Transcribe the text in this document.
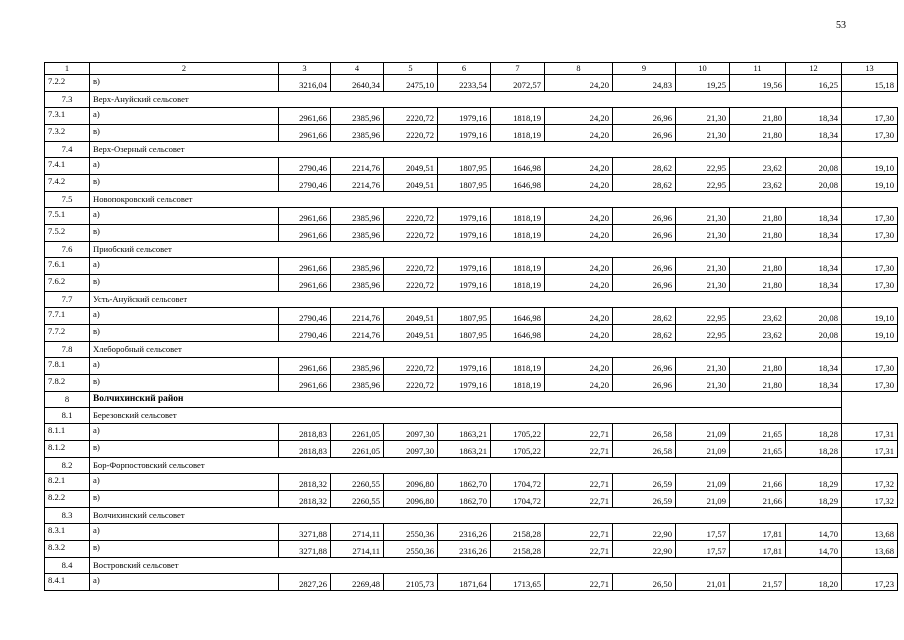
53
1	2	3	4	5	6	7	8	9	10	11	12	13
7.2.2	в)	3216,04	2640,34	2475,10	2233,54	2072,57	24,20	24,83	19,25	19,56	16,25	15,18
7.3	Верх-Ануйский сельсовет											
7.3.1	а)	2961,66	2385,96	2220,72	1979,16	1818,19	24,20	26,96	21,30	21,80	18,34	17,30
7.3.2	в)	2961,66	2385,96	2220,72	1979,16	1818,19	24,20	26,96	21,30	21,80	18,34	17,30
7.4	Верх-Озерный сельсовет											
7.4.1	а)	2790,46	2214,76	2049,51	1807,95	1646,98	24,20	28,62	22,95	23,62	20,08	19,10
7.4.2	в)	2790,46	2214,76	2049,51	1807,95	1646,98	24,20	28,62	22,95	23,62	20,08	19,10
7.5	Новопокровский сельсовет											
7.5.1	а)	2961,66	2385,96	2220,72	1979,16	1818,19	24,20	26,96	21,30	21,80	18,34	17,30
7.5.2	в)	2961,66	2385,96	2220,72	1979,16	1818,19	24,20	26,96	21,30	21,80	18,34	17,30
7.6	Приобский сельсовет											
7.6.1	а)	2961,66	2385,96	2220,72	1979,16	1818,19	24,20	26,96	21,30	21,80	18,34	17,30
7.6.2	в)	2961,66	2385,96	2220,72	1979,16	1818,19	24,20	26,96	21,30	21,80	18,34	17,30
7.7	Усть-Ануйский сельсовет											
7.7.1	а)	2790,46	2214,76	2049,51	1807,95	1646,98	24,20	28,62	22,95	23,62	20,08	19,10
7.7.2	в)	2790,46	2214,76	2049,51	1807,95	1646,98	24,20	28,62	22,95	23,62	20,08	19,10
7.8	Хлеборобный сельсовет											
7.8.1	а)	2961,66	2385,96	2220,72	1979,16	1818,19	24,20	26,96	21,30	21,80	18,34	17,30
7.8.2	в)	2961,66	2385,96	2220,72	1979,16	1818,19	24,20	26,96	21,30	21,80	18,34	17,30
8	Волчихинский район											
8.1	Березовский сельсовет											
8.1.1	а)	2818,83	2261,05	2097,30	1863,21	1705,22	22,71	26,58	21,09	21,65	18,28	17,31
8.1.2	в)	2818,83	2261,05	2097,30	1863,21	1705,22	22,71	26,58	21,09	21,65	18,28	17,31
8.2	Бор-Форпостовский сельсовет											
8.2.1	а)	2818,32	2260,55	2096,80	1862,70	1704,72	22,71	26,59	21,09	21,66	18,29	17,32
8.2.2	в)	2818,32	2260,55	2096,80	1862,70	1704,72	22,71	26,59	21,09	21,66	18,29	17,32
8.3	Волчихинский сельсовет											
8.3.1	а)	3271,88	2714,11	2550,36	2316,26	2158,28	22,71	22,90	17,57	17,81	14,70	13,68
8.3.2	в)	3271,88	2714,11	2550,36	2316,26	2158,28	22,71	22,90	17,57	17,81	14,70	13,68
8.4	Востровский сельсовет											
8.4.1	а)	2827,26	2269,48	2105,73	1871,64	1713,65	22,71	26,50	21,01	21,57	18,20	17,23
